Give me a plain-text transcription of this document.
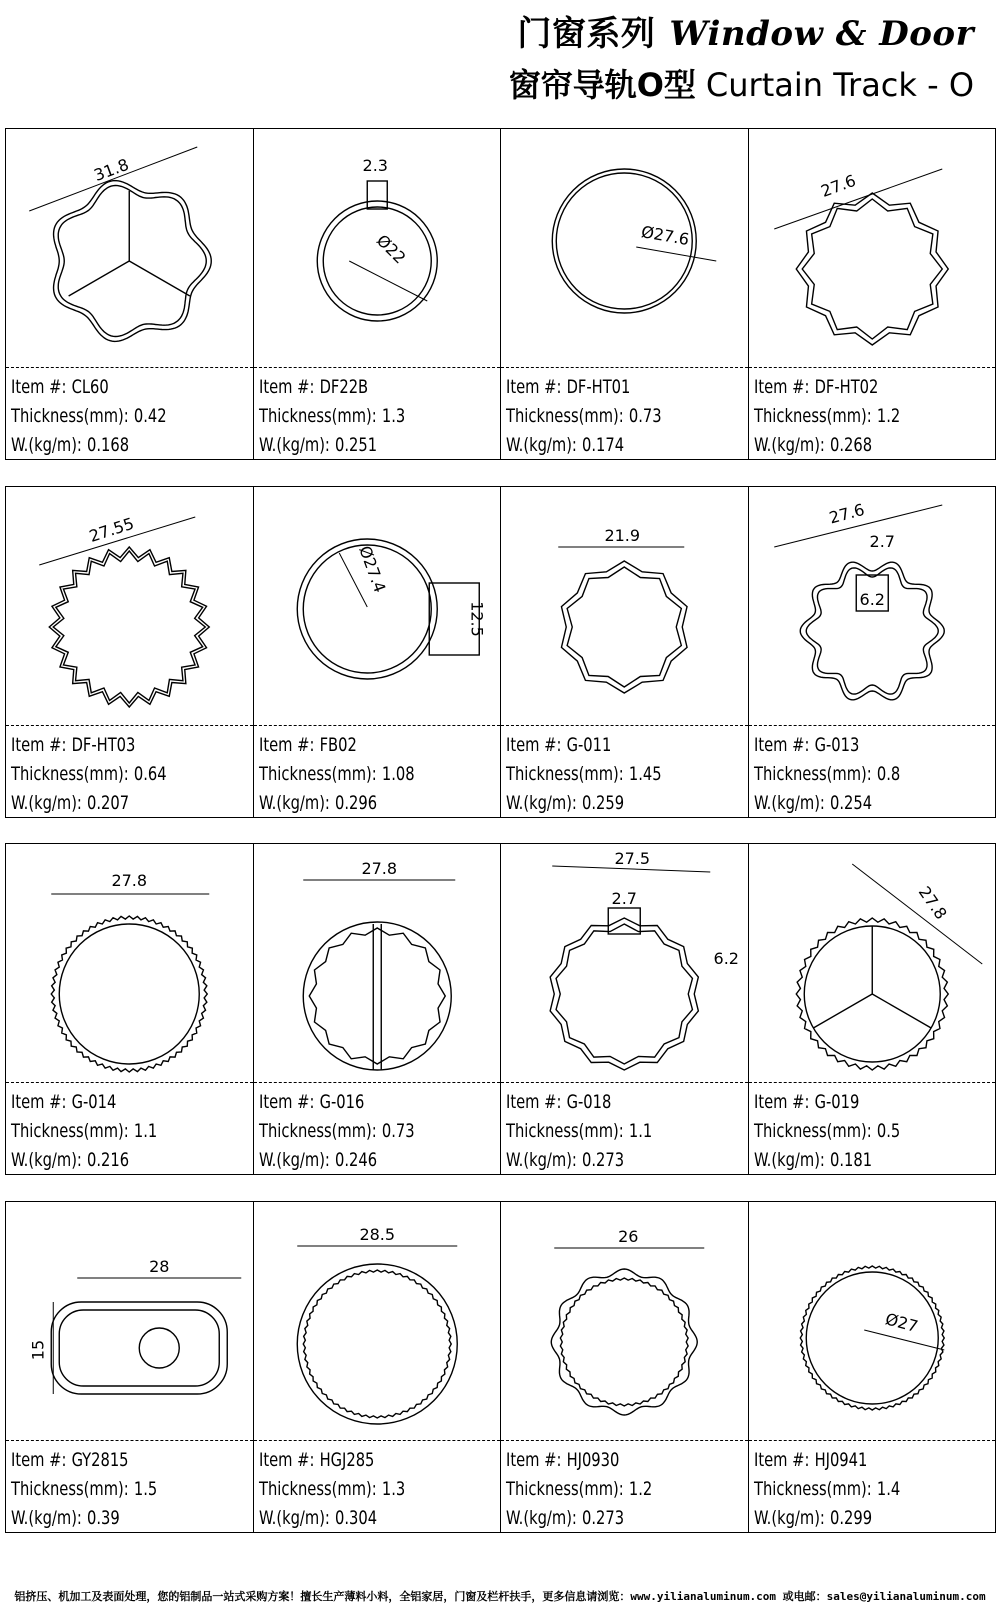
门窗系列 Window & Door
窗帘导轨O型 Curtain Track - O
31.8
Item #: CL60
Thickness(mm): 0.42
W.(kg/m): 0.168
Ø22
2.3
Item #: DF22B
Thickness(mm): 1.3
W.(kg/m): 0.251
Ø27.6
Item #: DF-HT01
Thickness(mm): 0.73
W.(kg/m): 0.174
27.6
Item #: DF-HT02
Thickness(mm): 1.2
W.(kg/m): 0.268
27.55
Item #: DF-HT03
Thickness(mm): 0.64
W.(kg/m): 0.207
Ø27.4
12.5
Item #: FB02
Thickness(mm): 1.08
W.(kg/m): 0.296
21.9
Item #: G-011
Thickness(mm): 1.45
W.(kg/m): 0.259
27.6
2.7
6.2
Item #: G-013
Thickness(mm): 0.8
W.(kg/m): 0.254
27.8
Item #: G-014
Thickness(mm): 1.1
W.(kg/m): 0.216
27.8
Item #: G-016
Thickness(mm): 0.73
W.(kg/m): 0.246
27.5
2.7
6.2
Item #: G-018
Thickness(mm): 1.1
W.(kg/m): 0.273
27.8
Item #: G-019
Thickness(mm): 0.5
W.(kg/m): 0.181
28
15
Item #: GY2815
Thickness(mm): 1.5
W.(kg/m): 0.39
28.5
Item #: HGJ285
Thickness(mm): 1.3
W.(kg/m): 0.304
26
Item #: HJ0930
Thickness(mm): 1.2
W.(kg/m): 0.273
Ø27
Item #: HJ0941
Thickness(mm): 1.4
W.(kg/m): 0.299
铝挤压、机加工及表面处理，您的铝制品一站式采购方案！擅长生产薄料小料，全铝家居，门窗及栏杆扶手，更多信息请浏览：www.yilianaluminum.com 或电邮：sales@yilianaluminum.com
